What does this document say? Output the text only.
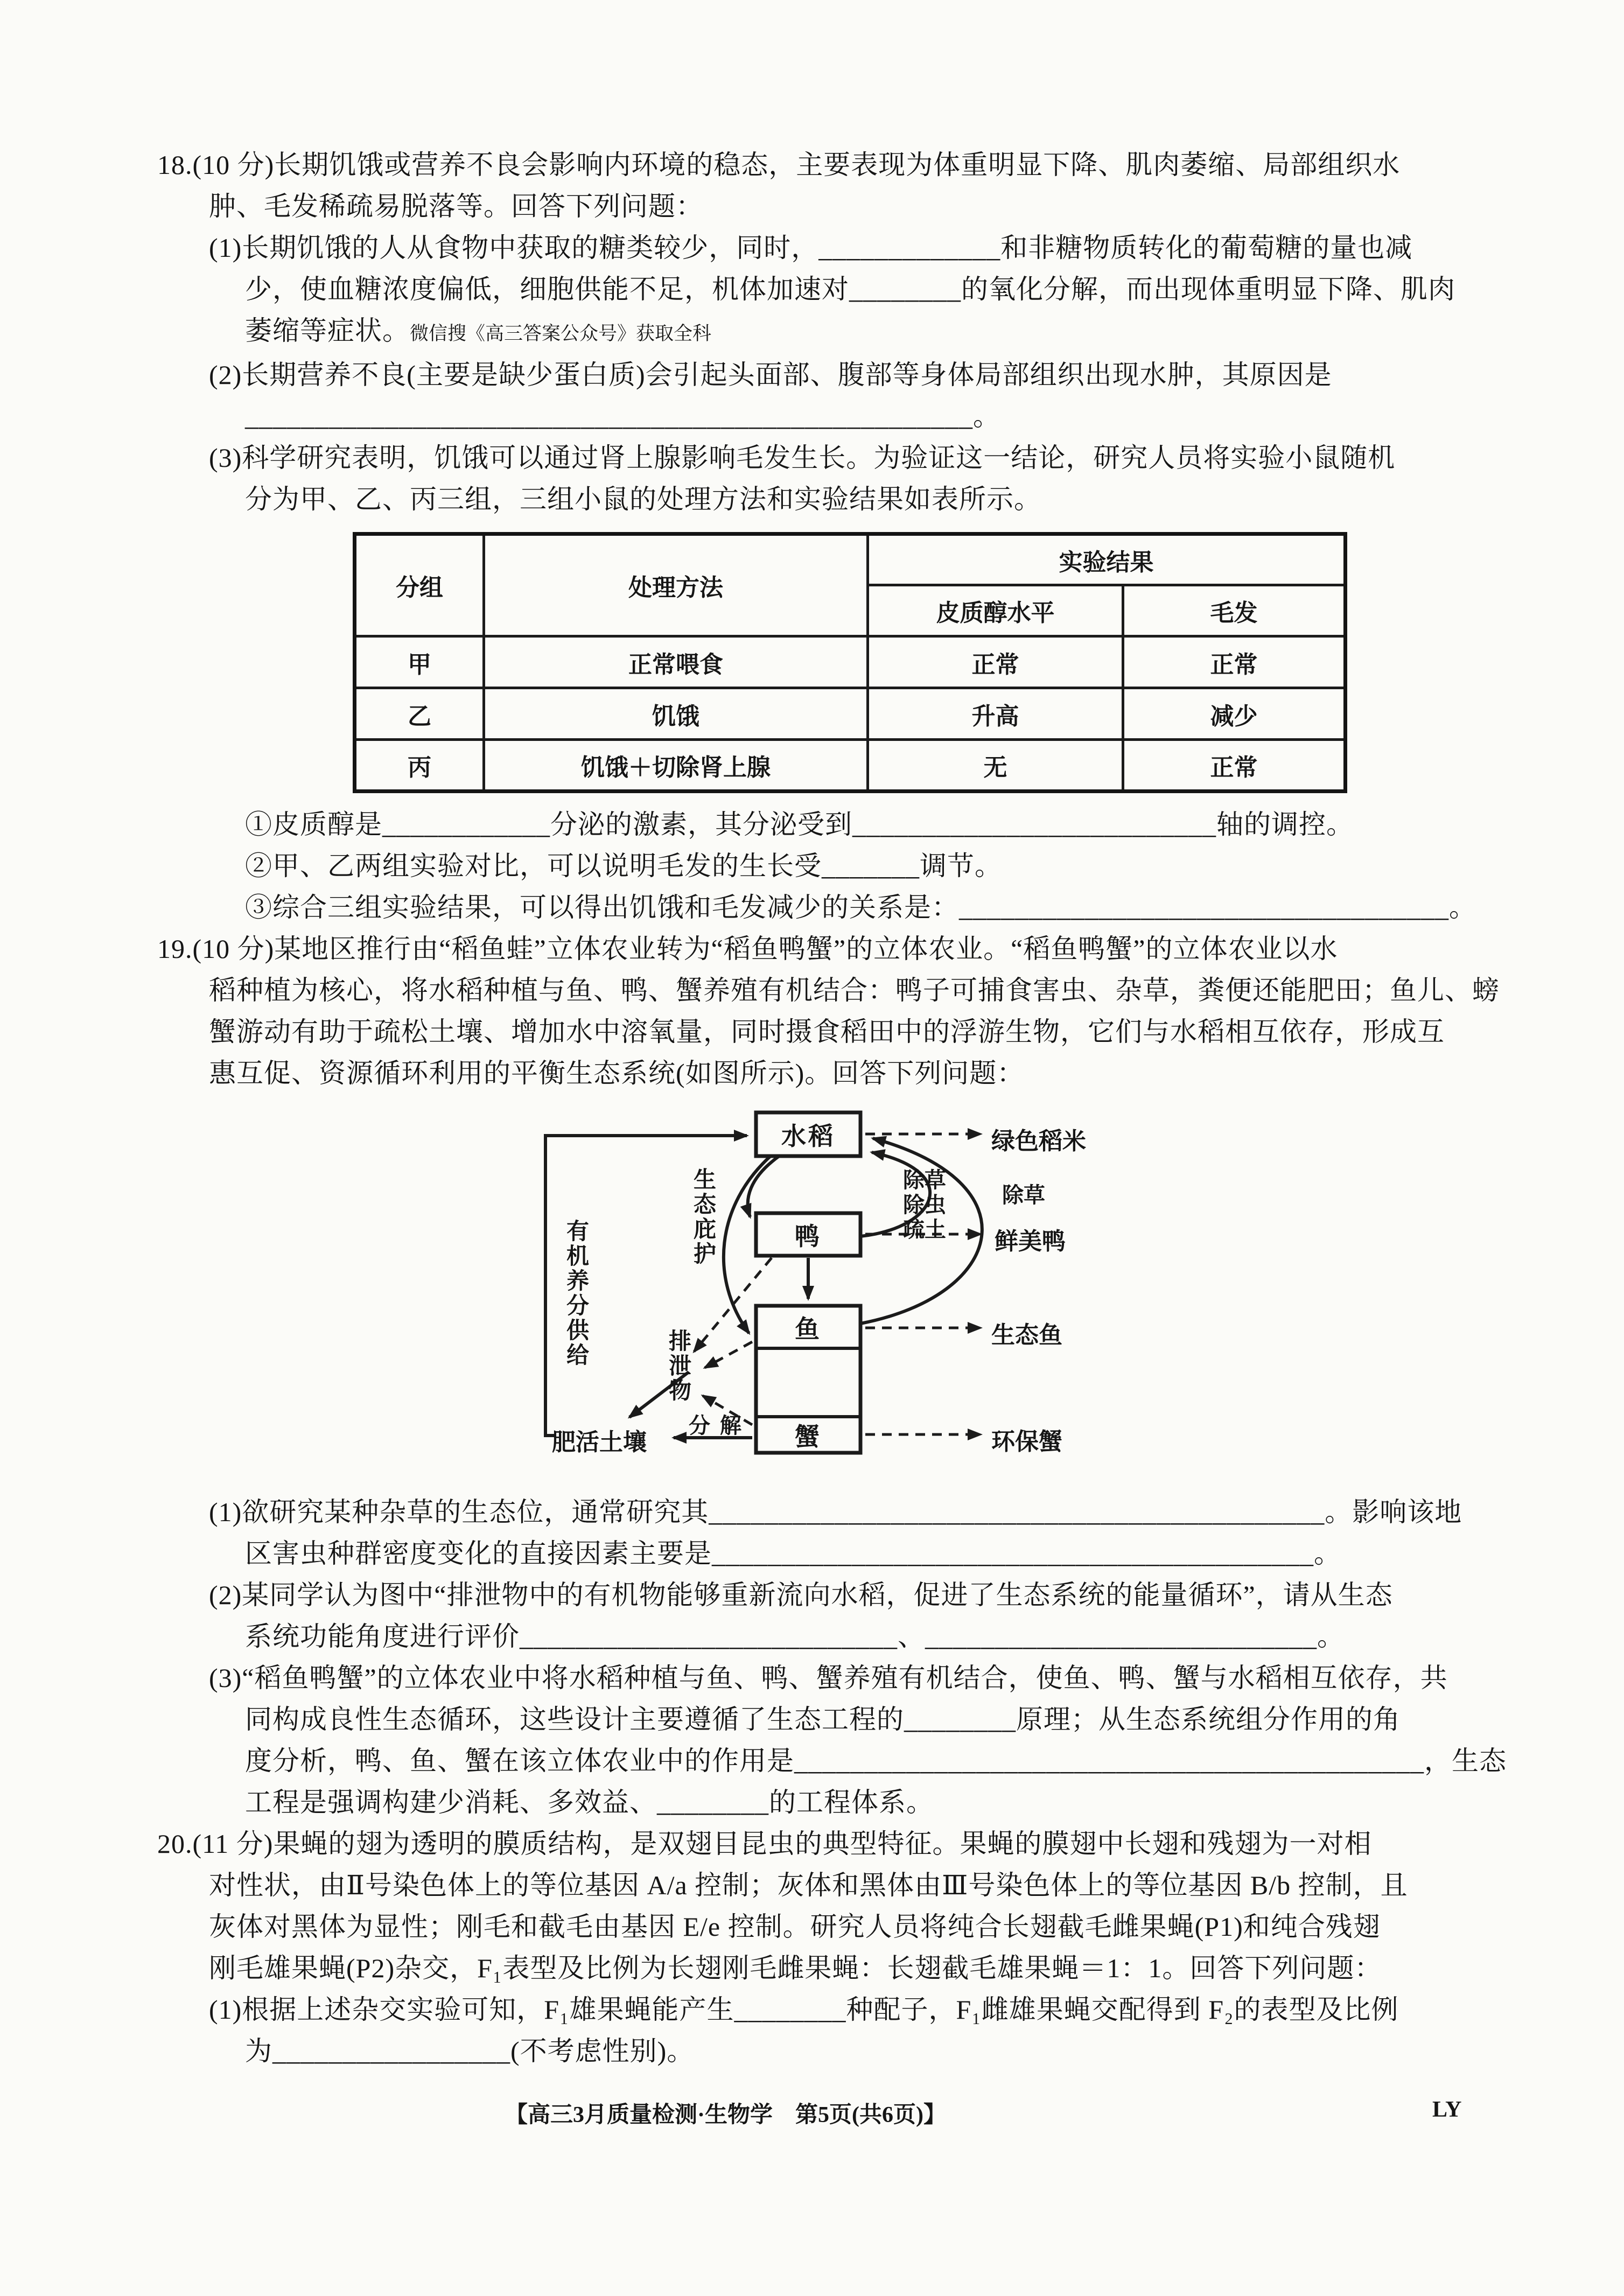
18.(10 分)长期饥饿或营养不良会影响内环境的稳态，主要表现为体重明显下降、肌肉萎缩、局部组织水
肿、毛发稀疏易脱落等。回答下列问题：
(1)长期饥饿的人从食物中获取的糖类较少，同时，_____________和非糖物质转化的葡萄糖的量也减
少，使血糖浓度偏低，细胞供能不足，机体加速对________的氧化分解，而出现体重明显下降、肌肉
萎缩等症状。微信搜《高三答案公众号》获取全科
(2)长期营养不良(主要是缺少蛋白质)会引起头面部、腹部等身体局部组织出现水肿，其原因是
____________________________________________________。
(3)科学研究表明，饥饿可以通过肾上腺影响毛发生长。为验证这一结论，研究人员将实验小鼠随机
分为甲、乙、丙三组，三组小鼠的处理方法和实验结果如表所示。
分组	处理方法	实验结果	
		皮质醇水平	毛发
甲	正常喂食	正常	正常
乙	饥饿	升高	减少
丙	饥饿＋切除肾上腺	无	正常
①皮质醇是____________分泌的激素，其分泌受到__________________________轴的调控。
②甲、乙两组实验对比，可以说明毛发的生长受_______调节。
③综合三组实验结果，可以得出饥饿和毛发减少的关系是：___________________________________。
19.(10 分)某地区推行由“稻鱼蛙”立体农业转为“稻鱼鸭蟹”的立体农业。“稻鱼鸭蟹”的立体农业以水
稻种植为核心，将水稻种植与鱼、鸭、蟹养殖有机结合：鸭子可捕食害虫、杂草，粪便还能肥田；鱼儿、螃
蟹游动有助于疏松土壤、增加水中溶氧量，同时摄食稻田中的浮游生物，它们与水稻相互依存，形成互
惠互促、资源循环利用的平衡生态系统(如图所示)。回答下列问题：
水稻
鸭
鱼
蟹
绿色稻米
鲜美鸭
生态鱼
环保蟹
除草
除虫
疏土
除草
有机养分供给
生态庇护
排泄物
分解
肥活土壤
(1)欲研究某种杂草的生态位，通常研究其____________________________________________。影响该地
区害虫种群密度变化的直接因素主要是___________________________________________。
(2)某同学认为图中“排泄物中的有机物能够重新流向水稻，促进了生态系统的能量循环”，请从生态
系统功能角度进行评价___________________________、____________________________。
(3)“稻鱼鸭蟹”的立体农业中将水稻种植与鱼、鸭、蟹养殖有机结合，使鱼、鸭、蟹与水稻相互依存，共
同构成良性生态循环，这些设计主要遵循了生态工程的________原理；从生态系统组分作用的角
度分析，鸭、鱼、蟹在该立体农业中的作用是_____________________________________________，生态
工程是强调构建少消耗、多效益、________的工程体系。
20.(11 分)果蝇的翅为透明的膜质结构，是双翅目昆虫的典型特征。果蝇的膜翅中长翅和残翅为一对相
对性状，由Ⅱ号染色体上的等位基因 A/a 控制；灰体和黑体由Ⅲ号染色体上的等位基因 B/b 控制，且
灰体对黑体为显性；刚毛和截毛由基因 E/e 控制。研究人员将纯合长翅截毛雌果蝇(P1)和纯合残翅
刚毛雄果蝇(P2)杂交，F₁表型及比例为长翅刚毛雌果蝇：长翅截毛雄果蝇＝1：1。回答下列问题：
(1)根据上述杂交实验可知，F₁雄果蝇能产生________种配子，F₁雌雄果蝇交配得到 F₂的表型及比例
为_________________(不考虑性别)。
【高三3月质量检测·生物学　第5页(共6页)】	LY
